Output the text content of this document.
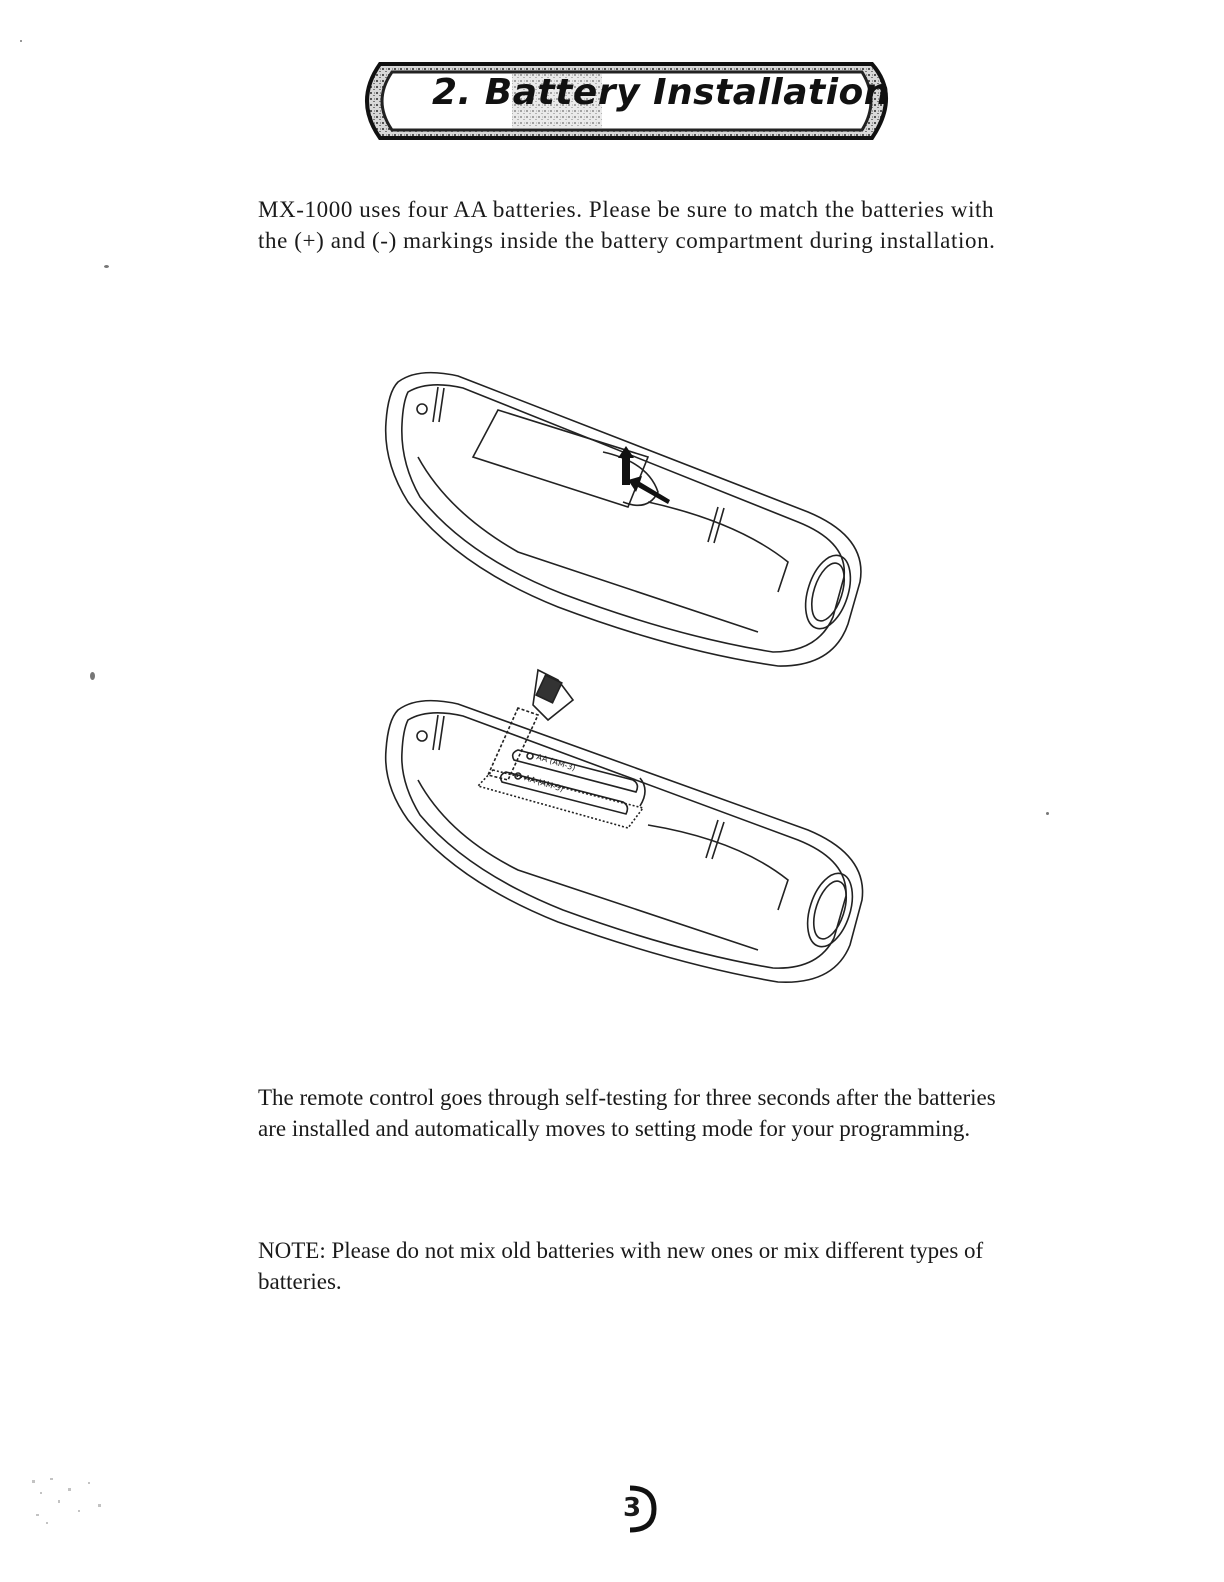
2. Battery Installation

MX-1000 uses four AA batteries. Please be sure to match the batteries with the (+) and (-) markings inside the battery compartment during installation.

AA (AM-3)
AA (AM-3)

The remote control goes through self-testing for three seconds after the batteries are installed and automatically moves to setting mode for your programming.

NOTE: Please do not mix old batteries with new ones or mix different types of batteries.

3
